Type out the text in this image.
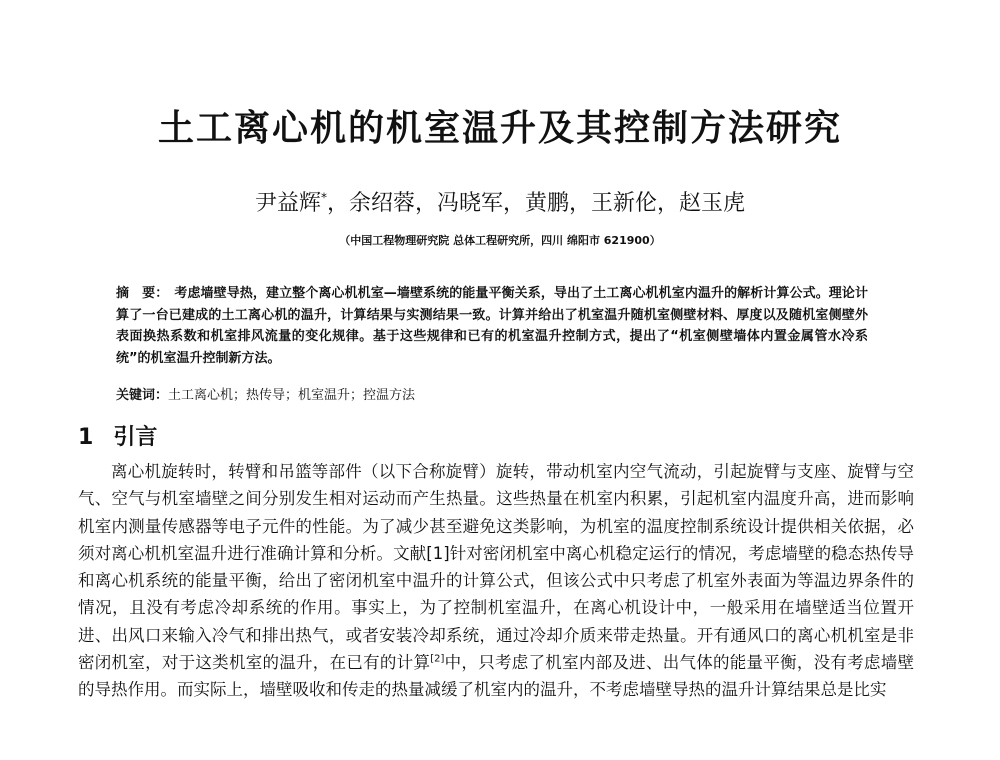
土工离心机的机室温升及其控制方法研究
尹益辉*，余绍蓉，冯晓军，黄鹏，王新伦，赵玉虎
（中国工程物理研究院 总体工程研究所，四川 绵阳市 621900）
摘　要： 考虑墙壁导热，建立整个离心机机室—墙壁系统的能量平衡关系，导出了土工离心机机室内温升的解析计算公式。理论计算了一台已建成的土工离心机的温升，计算结果与实测结果一致。计算并给出了机室温升随机室侧壁材料、厚度以及随机室侧壁外表面换热系数和机室排风流量的变化规律。基于这些规律和已有的机室温升控制方式，提出了“机室侧壁墙体内置金属管水冷系统”的机室温升控制新方法。
关键词：土工离心机；热传导；机室温升；控温方法
1 引言
离心机旋转时，转臂和吊篮等部件（以下合称旋臂）旋转，带动机室内空气流动，引起旋臂与支座、旋臂与空气、空气与机室墙壁之间分别发生相对运动而产生热量。这些热量在机室内积累，引起机室内温度升高，进而影响机室内测量传感器等电子元件的性能。为了减少甚至避免这类影响，为机室的温度控制系统设计提供相关依据，必须对离心机机室温升进行准确计算和分析。文献[1]针对密闭机室中离心机稳定运行的情况，考虑墙壁的稳态热传导和离心机系统的能量平衡，给出了密闭机室中温升的计算公式，但该公式中只考虑了机室外表面为等温边界条件的情况，且没有考虑冷却系统的作用。事实上，为了控制机室温升，在离心机设计中，一般采用在墙壁适当位置开进、出风口来输入冷气和排出热气，或者安装冷却系统，通过冷却介质来带走热量。开有通风口的离心机机室是非密闭机室，对于这类机室的温升，在已有的计算[2]中，只考虑了机室内部及进、出气体的能量平衡，没有考虑墙壁的导热作用。而实际上，墙壁吸收和传走的热量减缓了机室内的温升，不考虑墙壁导热的温升计算结果总是比实
